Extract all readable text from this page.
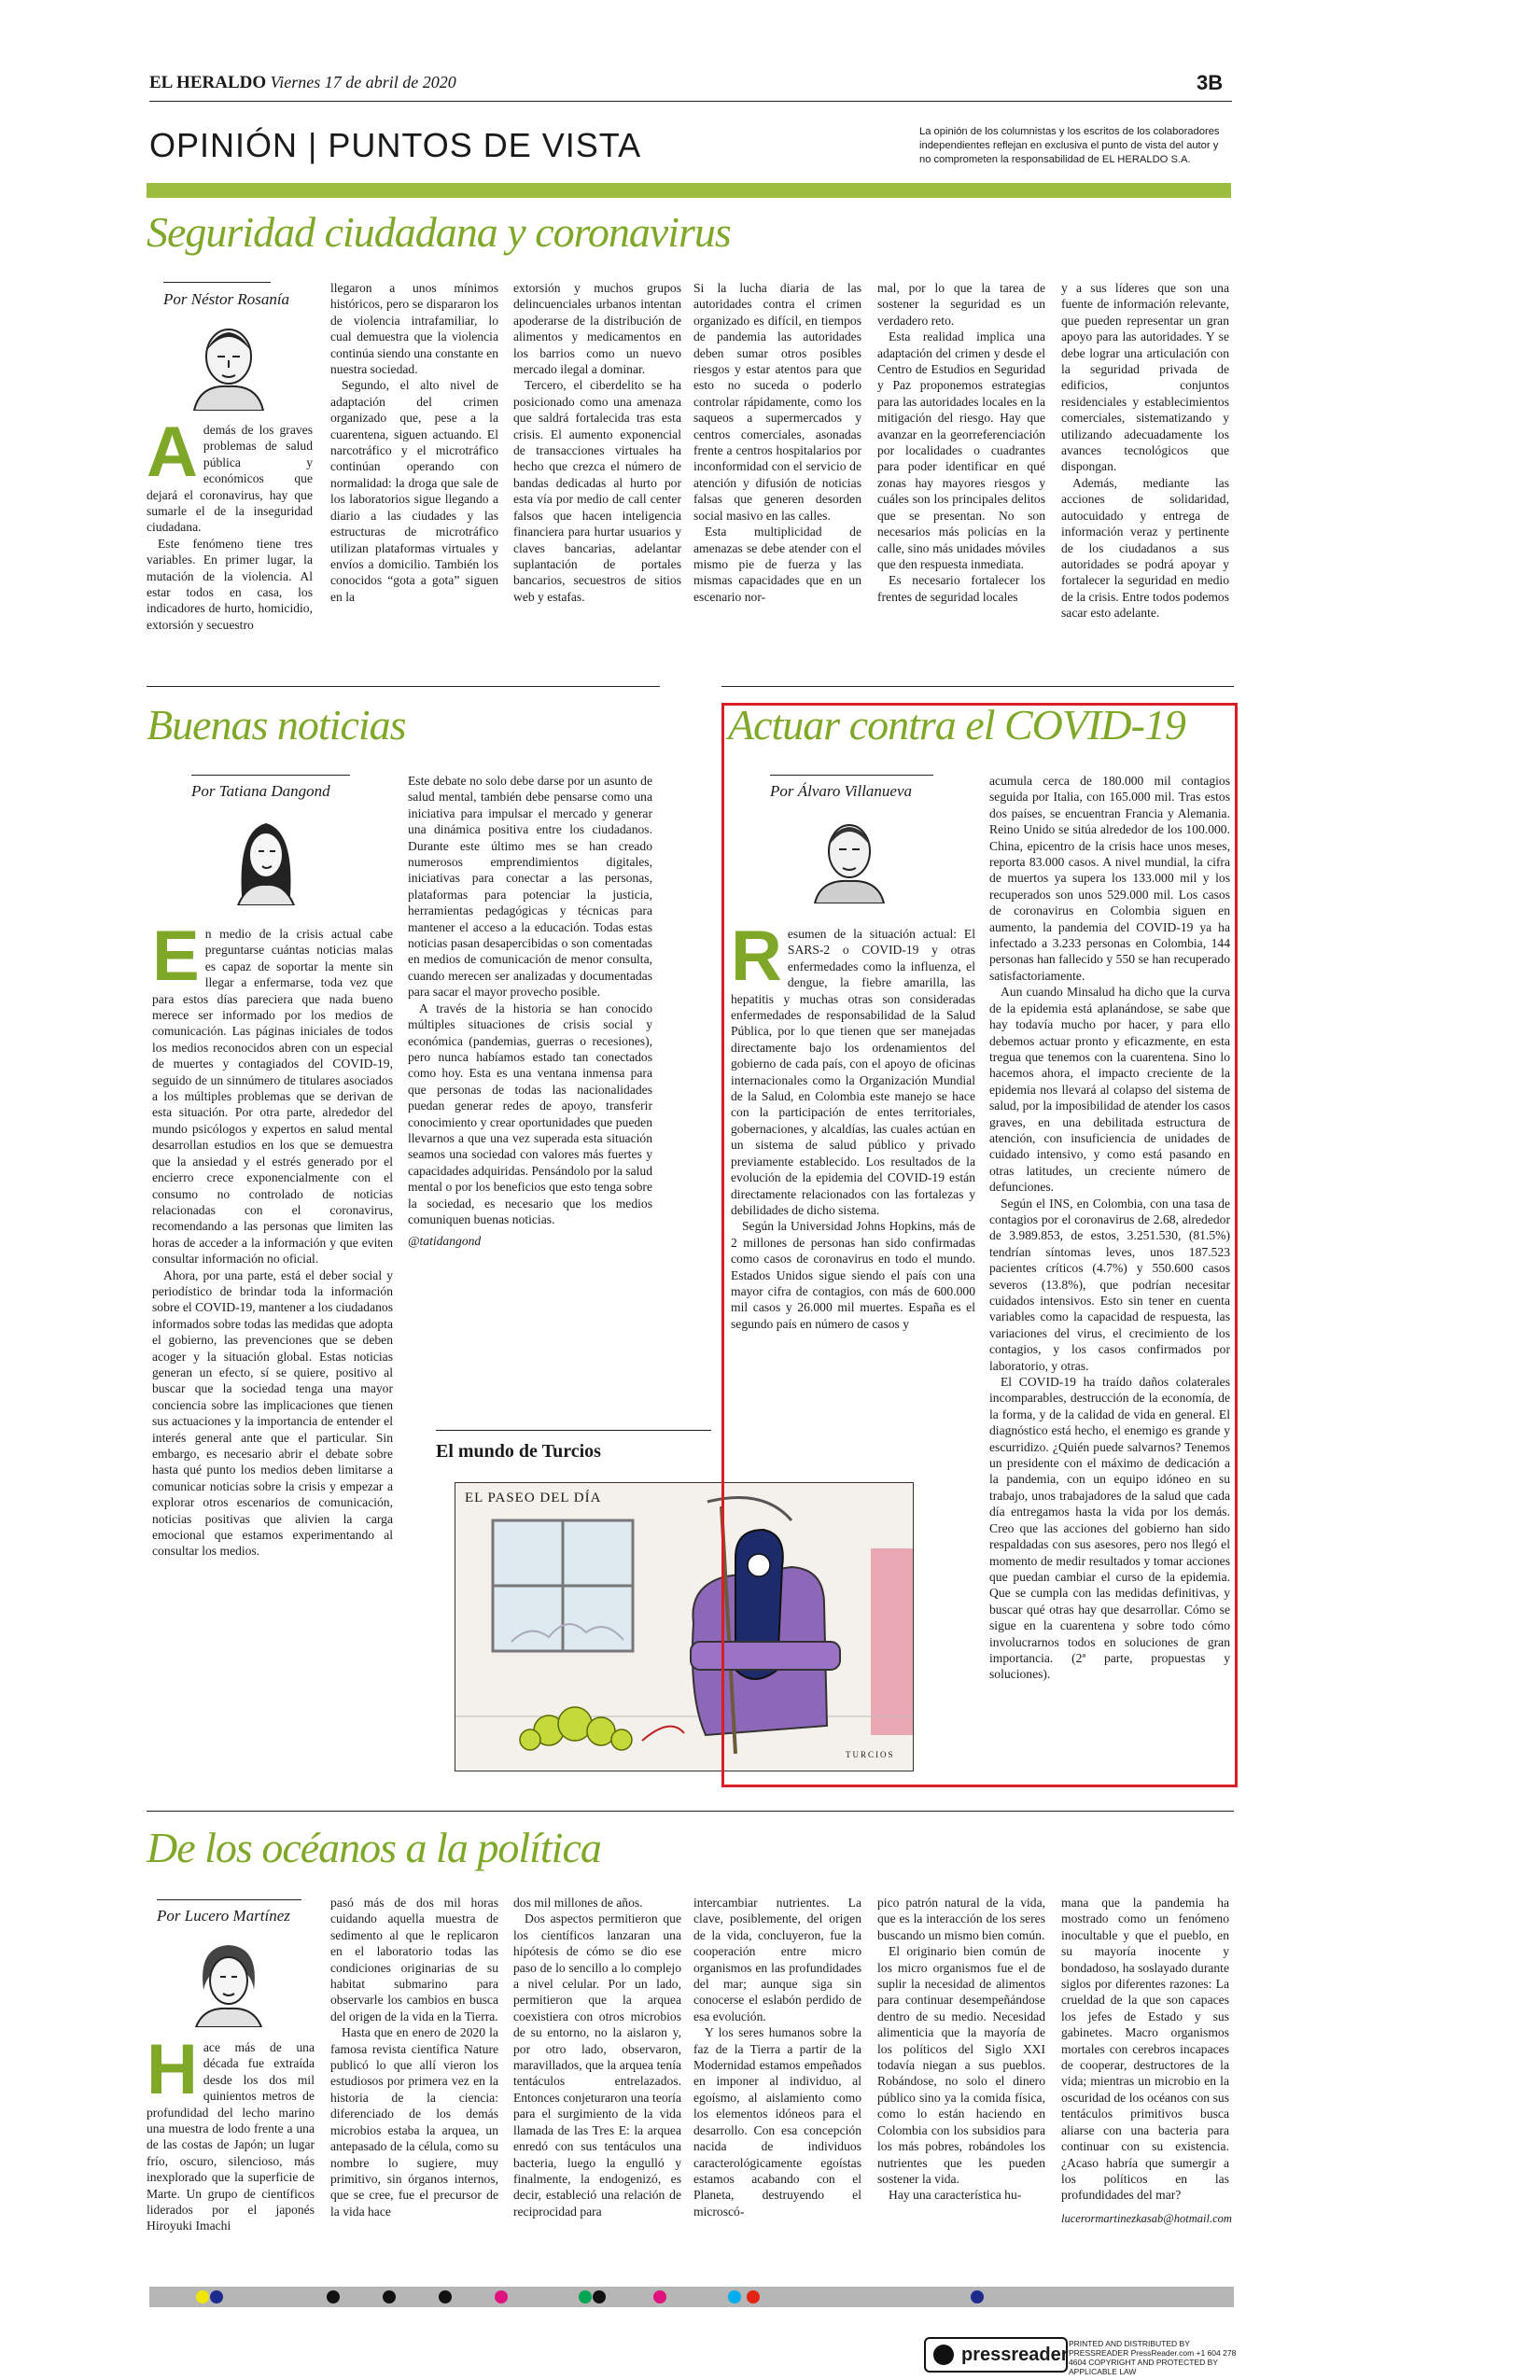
EL HERALDO Viernes 17 de abril de 2020	3B
OPINIÓN | PUNTOS DE VISTA	La opinión de los columnistas y los escritos de los colaboradores independientes reflejan en exclusiva el punto de vista del autor y no comprometen la responsabilidad de EL HERALDO S.A.
Seguridad ciudadana y coronavirus
Por Néstor Rosanía
A demás de los graves problemas de salud pública y económicos que dejará el coronavirus, hay que sumarle el de la inseguridad ciudadana.

Este fenómeno tiene tres variables. En primer lugar, la mutación de la violencia. Al estar todos en casa, los indicadores de hurto, homicidio, extorsión y secuestro

llegaron a unos mínimos históricos, pero se dispararon los de violencia intrafamiliar, lo cual demuestra que la violencia continúa siendo una constante en nuestra sociedad.

Segundo, el alto nivel de adaptación del crimen organizado que, pese a la cuarentena, siguen actuando. El narcotráfico y el microtráfico continúan operando con normalidad: la droga que sale de los laboratorios sigue llegando a diario a las ciudades y las estructuras de microtráfico utilizan plataformas virtuales y envíos a domicilio. También los conocidos “gota a gota” siguen en la

extorsión y muchos grupos delincuenciales urbanos intentan apoderarse de la distribución de alimentos y medicamentos en los barrios como un nuevo mercado ilegal a dominar.

Tercero, el ciberdelito se ha posicionado como una amenaza que saldrá fortalecida tras esta crisis. El aumento exponencial de transacciones virtuales ha hecho que crezca el número de bandas dedicadas al hurto por esta vía por medio de call center falsos que hacen inteligencia financiera para hurtar usuarios y claves bancarias, adelantar suplantación de portales bancarios, secuestros de sitios web y estafas.

Si la lucha diaria de las autoridades contra el crimen organizado es difícil, en tiempos de pandemia las autoridades deben sumar otros posibles riesgos y estar atentos para que esto no suceda o poderlo controlar rápidamente, como los saqueos a supermercados y centros comerciales, asonadas frente a centros hospitalarios por inconformidad con el servicio de atención y difusión de noticias falsas que generen desorden social masivo en las calles.

Esta multiplicidad de amenazas se debe atender con el mismo pie de fuerza y las mismas capacidades que en un escenario nor-

mal, por lo que la tarea de sostener la seguridad es un verdadero reto.

Esta realidad implica una adaptación del crimen y desde el Centro de Estudios en Seguridad y Paz proponemos estrategias para las autoridades locales en la mitigación del riesgo. Hay que avanzar en la georreferenciación por localidades o cuadrantes para poder identificar en qué zonas hay mayores riesgos y cuáles son los principales delitos que se presentan. No son necesarios más policías en la calle, sino más unidades móviles que den respuesta inmediata.

Es necesario fortalecer los frentes de seguridad locales

y a sus líderes que son una fuente de información relevante, que pueden representar un gran apoyo para las autoridades. Y se debe lograr una articulación con la seguridad privada de edificios, conjuntos residenciales y establecimientos comerciales, sistematizando y utilizando adecuadamente los avances tecnológicos que dispongan.

Además, mediante las acciones de solidaridad, autocuidado y entrega de información veraz y pertinente de los ciudadanos a sus autoridades se podrá apoyar y fortalecer la seguridad en medio de la crisis. Entre todos podemos sacar esto adelante.

Buenas noticias
Por Tatiana Dangond
E n medio de la crisis actual cabe preguntarse cuántas noticias malas es capaz de soportar la mente sin llegar a enfermarse, toda vez que para estos días pareciera que nada bueno merece ser informado por los medios de comunicación. Las páginas iniciales de todos los medios reconocidos abren con un especial de muertes y contagiados del COVID-19, seguido de un sinnúmero de titulares asociados a los múltiples problemas que se derivan de esta situación. Por otra parte, alrededor del mundo psicólogos y expertos en salud mental desarrollan estudios en los que se demuestra que la ansiedad y el estrés generado por el encierro crece exponencialmente con el consumo no controlado de noticias relacionadas con el coronavirus, recomendando a las personas que limiten las horas de acceder a la información y que eviten consultar información no oficial.

Ahora, por una parte, está el deber social y periodístico de brindar toda la información sobre el COVID-19, mantener a los ciudadanos informados sobre todas las medidas que adopta el gobierno, las prevenciones que se deben acoger y la situación global. Estas noticias generan un efecto, sí se quiere, positivo al buscar que la sociedad tenga una mayor conciencia sobre las implicaciones que tienen sus actuaciones y la importancia de entender el interés general ante que el particular. Sin embargo, es necesario abrir el debate sobre hasta qué punto los medios deben limitarse a comunicar noticias sobre la crisis y empezar a explorar otros escenarios de comunicación, noticias positivas que alivien la carga emocional que estamos experimentando al consultar los medios.

Este debate no solo debe darse por un asunto de salud mental, también debe pensarse como una iniciativa para impulsar el mercado y generar una dinámica positiva entre los ciudadanos. Durante este último mes se han creado numerosos emprendimientos digitales, iniciativas para conectar a las personas, plataformas para potenciar la justicia, herramientas pedagógicas y técnicas para mantener el acceso a la educación. Todas estas noticias pasan desapercibidas o son comentadas en medios de comunicación de menor consulta, cuando merecen ser analizadas y documentadas para sacar el mayor provecho posible.

A través de la historia se han conocido múltiples situaciones de crisis social y económica (pandemias, guerras o recesiones), pero nunca habíamos estado tan conectados como hoy. Esta es una ventana inmensa para que personas de todas las nacionalidades puedan generar redes de apoyo, transferir conocimiento y crear oportunidades que pueden llevarnos a que una vez superada esta situación seamos una sociedad con valores más fuertes y capacidades adquiridas. Pensándolo por la salud mental o por los beneficios que esto tenga sobre la sociedad, es necesario que los medios comuniquen buenas noticias.

@tatidangond

El mundo de Turcios
EL PASEO DEL DÍA
TURCIOS
Actuar contra el COVID-19
Por Álvaro Villanueva
R esumen de la situación actual: El SARS-2 o COVID-19 y otras enfermedades como la influenza, el dengue, la fiebre amarilla, las hepatitis y muchas otras son consideradas enfermedades de responsabilidad de la Salud Pública, por lo que tienen que ser manejadas directamente bajo los ordenamientos del gobierno de cada país, con el apoyo de oficinas internacionales como la Organización Mundial de la Salud, en Colombia este manejo se hace con la participación de entes territoriales, gobernaciones, y alcaldías, las cuales actúan en un sistema de salud público y privado previamente establecido. Los resultados de la evolución de la epidemia del COVID-19 están directamente relacionados con las fortalezas y debilidades de dicho sistema.

Según la Universidad Johns Hopkins, más de 2 millones de personas han sido confirmadas como casos de coronavirus en todo el mundo. Estados Unidos sigue siendo el país con una mayor cifra de contagios, con más de 600.000 mil casos y 26.000 mil muertes. España es el segundo país en número de casos y

acumula cerca de 180.000 mil contagios seguida por Italia, con 165.000 mil. Tras estos dos países, se encuentran Francia y Alemania. Reino Unido se sitúa alrededor de los 100.000. China, epicentro de la crisis hace unos meses, reporta 83.000 casos. A nivel mundial, la cifra de muertos ya supera los 133.000 mil y los recuperados son unos 529.000 mil. Los casos de coronavirus en Colombia siguen en aumento, la pandemia del COVID-19 ya ha infectado a 3.233 personas en Colombia, 144 personas han fallecido y 550 se han recuperado satisfactoriamente.

Aun cuando Minsalud ha dicho que la curva de la epidemia está aplanándose, se sabe que hay todavía mucho por hacer, y para ello debemos actuar pronto y eficazmente, en esta tregua que tenemos con la cuarentena. Sino lo hacemos ahora, el impacto creciente de la epidemia nos llevará al colapso del sistema de salud, por la imposibilidad de atender los casos graves, en una debilitada estructura de atención, con insuficiencia de unidades de cuidado intensivo, y como está pasando en otras latitudes, un creciente número de defunciones.

Según el INS, en Colombia, con una tasa de contagios por el coronavirus de 2.68, alrededor de 3.989.853, de estos, 3.251.530, (81.5%) tendrían síntomas leves, unos 187.523 pacientes críticos (4.7%) y 550.600 casos severos (13.8%), que podrían necesitar cuidados intensivos. Esto sin tener en cuenta variables como la capacidad de respuesta, las variaciones del virus, el crecimiento de los contagios, y los casos confirmados por laboratorio, y otras.

El COVID-19 ha traído daños colaterales incomparables, destrucción de la economía, de la forma, y de la calidad de vida en general. El diagnóstico está hecho, el enemigo es grande y escurridizo. ¿Quién puede salvarnos? Tenemos un presidente con el máximo de dedicación a la pandemia, con un equipo idóneo en su trabajo, unos trabajadores de la salud que cada día entregamos hasta la vida por los demás. Creo que las acciones del gobierno han sido respaldadas con sus asesores, pero nos llegó el momento de medir resultados y tomar acciones que puedan cambiar el curso de la epidemia. Que se cumpla con las medidas definitivas, y buscar qué otras hay que desarrollar. Cómo se sigue en la cuarentena y sobre todo cómo involucrarnos todos en soluciones de gran importancia. (2ª parte, propuestas y soluciones).

De los océanos a la política
Por Lucero Martínez
H ace más de una década fue extraída desde los dos mil quinientos metros de profundidad del lecho marino una muestra de lodo frente a una de las costas de Japón; un lugar frío, oscuro, silencioso, más inexplorado que la superficie de Marte. Un grupo de científicos liderados por el japonés Hiroyuki Imachi

pasó más de dos mil horas cuidando aquella muestra de sedimento al que le replicaron en el laboratorio todas las condiciones originarias de su habitat submarino para observarle los cambios en busca del origen de la vida en la Tierra.

Hasta que en enero de 2020 la famosa revista científica Nature publicó lo que allí vieron los estudiosos por primera vez en la historia de la ciencia: diferenciado de los demás microbios estaba la arquea, un antepasado de la célula, como su nombre lo sugiere, muy primitivo, sin órganos internos, que se cree, fue el precursor de la vida hace

dos mil millones de años.

Dos aspectos permitieron que los científicos lanzaran una hipótesis de cómo se dio ese paso de lo sencillo a lo complejo a nivel celular. Por un lado, permitieron que la arquea coexistiera con otros microbios de su entorno, no la aislaron y, por otro lado, observaron, maravillados, que la arquea tenía tentáculos entrelazados. Entonces conjeturaron una teoría para el surgimiento de la vida llamada de las Tres E: la arquea enredó con sus tentáculos una bacteria, luego la engulló y finalmente, la endogenizó, es decir, estableció una relación de reciprocidad para

intercambiar nutrientes. La clave, posiblemente, del origen de la vida, concluyeron, fue la cooperación entre micro organismos en las profundidades del mar; aunque siga sin conocerse el eslabón perdido de esa evolución.

Y los seres humanos sobre la faz de la Tierra a partir de la Modernidad estamos empeñados en imponer al individuo, al egoísmo, al aislamiento como los elementos idóneos para el desarrollo. Con esa concepción nacida de individuos caracterológicamente egoístas estamos acabando con el Planeta, destruyendo el microscó-

pico patrón natural de la vida, que es la interacción de los seres buscando un mismo bien común.

El originario bien común de los micro organismos fue el de suplir la necesidad de alimentos para continuar desempeñándose dentro de su medio. Necesidad alimenticia que la mayoría de los políticos del Siglo XXI todavía niegan a sus pueblos. Robándose, no solo el dinero público sino ya la comida física, como lo están haciendo en Colombia con los subsidios para los más pobres, robándoles los nutrientes que les pueden sostener la vida.

Hay una característica hu-

mana que la pandemia ha mostrado como un fenómeno inocultable y que el pueblo, en su mayoría inocente y bondadoso, ha soslayado durante siglos por diferentes razones: La crueldad de la que son capaces los jefes de Estado y sus gabinetes. Macro organismos mortales con cerebros incapaces de cooperar, destructores de la vida; mientras un microbio en la oscuridad de los océanos con sus tentáculos primitivos busca aliarse con una bacteria para continuar con su existencia. ¿Acaso habría que sumergir a los políticos en las profundidades del mar?

lucerormartinezkasab@hotmail.com

pressreader
PRINTED AND DISTRIBUTED BY PRESSREADER PressReader.com +1 604 278 4604 COPYRIGHT AND PROTECTED BY APPLICABLE LAW
